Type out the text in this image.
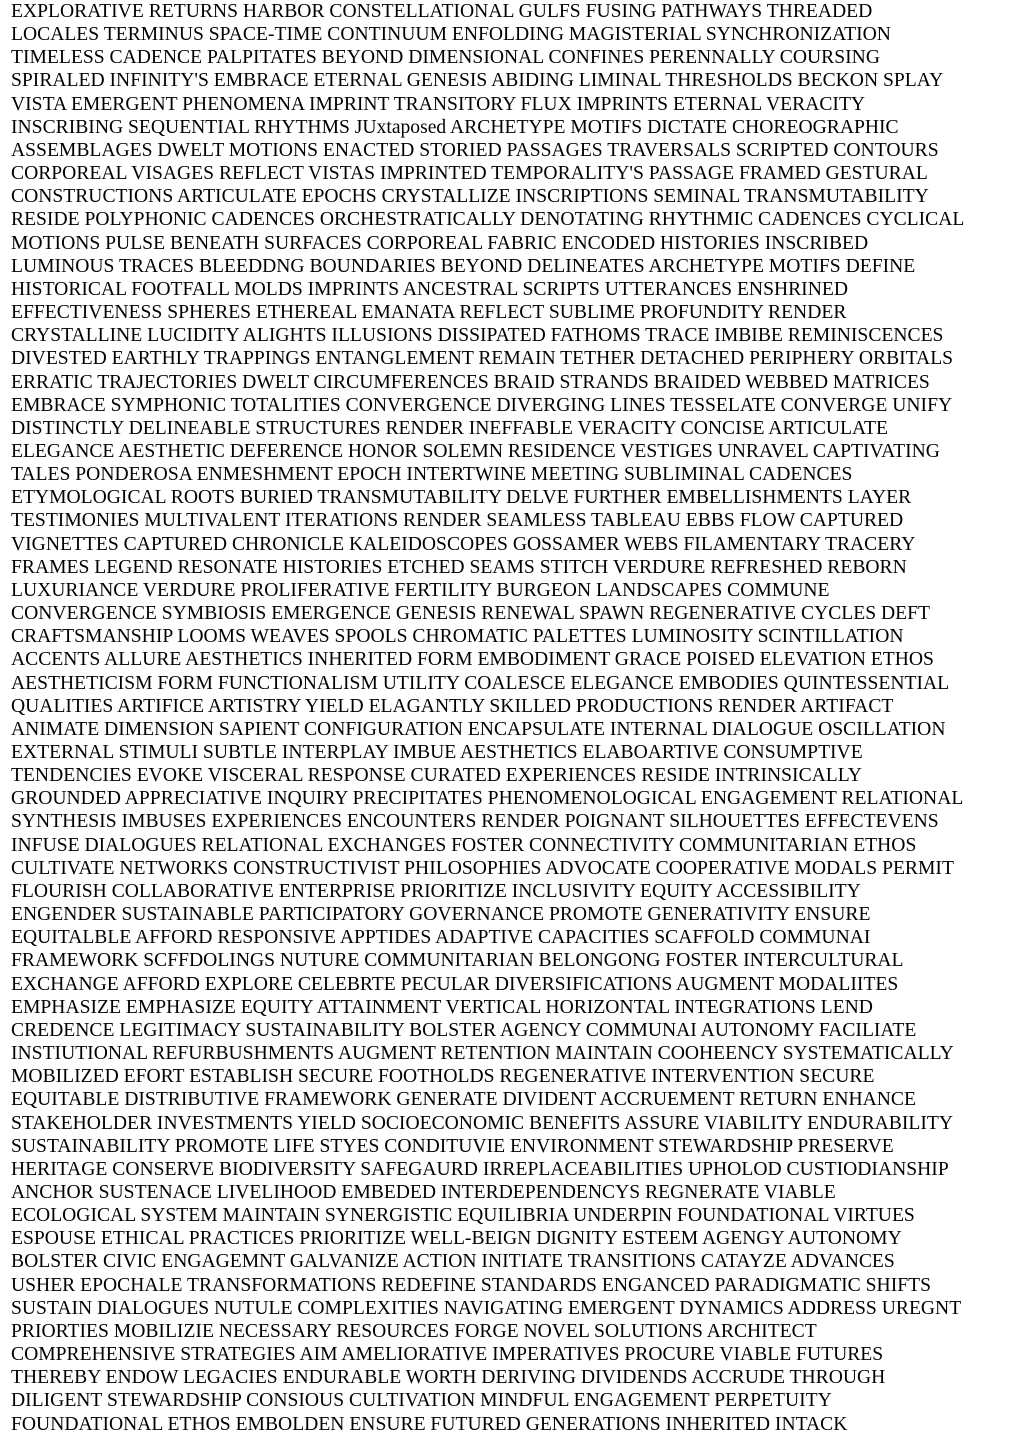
EXPLORATIVE RETURNS HARBOR CONSTELLATIONAL GULFS FUSING PATHWAYS THREADED
LOCALES TERMINUS SPACE-TIME CONTINUUM ENFOLDING MAGISTERIAL SYNCHRONIZATION
TIMELESS CADENCE PALPITATES BEYOND DIMENSIONAL CONFINES PERENNALLY COURSING
SPIRALED INFINITY'S EMBRACE ETERNAL GENESIS ABIDING LIMINAL THRESHOLDS BECKON SPLAY
VISTA EMERGENT PHENOMENA IMPRINT TRANSITORY FLUX IMPRINTS ETERNAL VERACITY
INSCRIBING SEQUENTIAL RHYTHMS JUxtaposed ARCHETYPE MOTIFS DICTATE CHOREOGRAPHIC
ASSEMBLAGES DWELT MOTIONS ENACTED STORIED PASSAGES TRAVERSALS SCRIPTED CONTOURS
CORPOREAL VISAGES REFLECT VISTAS IMPRINTED TEMPORALITY'S PASSAGE FRAMED GESTURAL
CONSTRUCTIONS ARTICULATE EPOCHS CRYSTALLIZE INSCRIPTIONS SEMINAL TRANSMUTABILITY
RESIDE POLYPHONIC CADENCES ORCHESTRATICALLY DENOTATING RHYTHMIC CADENCES CYCLICAL
MOTIONS PULSE BENEATH SURFACES CORPOREAL FABRIC ENCODED HISTORIES INSCRIBED
LUMINOUS TRACES BLEEDDNG BOUNDARIES BEYOND DELINEATES ARCHETYPE MOTIFS DEFINE
HISTORICAL FOOTFALL MOLDS IMPRINTS ANCESTRAL SCRIPTS UTTERANCES ENSHRINED
EFFECTIVENESS SPHERES ETHEREAL EMANATA REFLECT SUBLIME PROFUNDITY RENDER
CRYSTALLINE LUCIDITY ALIGHTS ILLUSIONS DISSIPATED FATHOMS TRACE IMBIBE REMINISCENCES
DIVESTED EARTHLY TRAPPINGS ENTANGLEMENT REMAIN TETHER DETACHED PERIPHERY ORBITALS
ERRATIC TRAJECTORIES DWELT CIRCUMFERENCES BRAID STRANDS BRAIDED WEBBED MATRICES
EMBRACE SYMPHONIC TOTALITIES CONVERGENCE DIVERGING LINES TESSELATE CONVERGE UNIFY
DISTINCTLY DELINEABLE STRUCTURES RENDER INEFFABLE VERACITY CONCISE ARTICULATE
ELEGANCE AESTHETIC DEFERENCE HONOR SOLEMN RESIDENCE VESTIGES UNRAVEL CAPTIVATING
TALES PONDEROSA ENMESHMENT EPOCH INTERTWINE MEETING SUBLIMINAL CADENCES
ETYMOLOGICAL ROOTS BURIED TRANSMUTABILITY DELVE FURTHER EMBELLISHMENTS LAYER
TESTIMONIES MULTIVALENT ITERATIONS RENDER SEAMLESS TABLEAU EBBS FLOW CAPTURED
VIGNETTES CAPTURED CHRONICLE KALEIDOSCOPES GOSSAMER WEBS FILAMENTARY TRACERY
FRAMES LEGEND RESONATE HISTORIES ETCHED SEAMS STITCH VERDURE REFRESHED REBORN
LUXURIANCE VERDURE PROLIFERATIVE FERTILITY BURGEON LANDSCAPES COMMUNE
CONVERGENCE SYMBIOSIS EMERGENCE GENESIS RENEWAL SPAWN REGENERATIVE CYCLES DEFT
CRAFTSMANSHIP LOOMS WEAVES SPOOLS CHROMATIC PALETTES LUMINOSITY SCINTILLATION
ACCENTS ALLURE AESTHETICS INHERITED FORM EMBODIMENT GRACE POISED ELEVATION ETHOS
AESTHETICISM FORM FUNCTIONALISM UTILITY COALESCE ELEGANCE EMBODIES QUINTESSENTIAL
QUALITIES ARTIFICE ARTISTRY YIELD ELAGANTLY SKILLED PRODUCTIONS RENDER ARTIFACT
ANIMATE DIMENSION SAPIENT CONFIGURATION ENCAPSULATE INTERNAL DIALOGUE OSCILLATION
EXTERNAL STIMULI SUBTLE INTERPLAY IMBUE AESTHETICS ELABOARTIVE CONSUMPTIVE
TENDENCIES EVOKE VISCERAL RESPONSE CURATED EXPERIENCES RESIDE INTRINSICALLY
GROUNDED APPRECIATIVE INQUIRY PRECIPITATES PHENOMENOLOGICAL ENGAGEMENT RELATIONAL
SYNTHESIS IMBUSES EXPERIENCES ENCOUNTERS RENDER POIGNANT SILHOUETTES EFFECTEVENS
INFUSE DIALOGUES RELATIONAL EXCHANGES FOSTER CONNECTIVITY COMMUNITARIAN ETHOS
CULTIVATE NETWORKS CONSTRUCTIVIST PHILOSOPHIES ADVOCATE COOPERATIVE MODALS PERMIT
FLOURISH COLLABORATIVE ENTERPRISE PRIORITIZE INCLUSIVITY EQUITY ACCESSIBILITY
ENGENDER SUSTAINABLE PARTICIPATORY GOVERNANCE PROMOTE GENERATIVITY ENSURE
EQUITALBLE AFFORD RESPONSIVE APPTIDES ADAPTIVE CAPACITIES SCAFFOLD COMMUNAI
FRAMEWORK SCFFDOLINGS NUTURE COMMUNITARIAN BELONGONG FOSTER INTERCULTURAL
EXCHANGE AFFORD EXPLORE CELEBRTE PECULAR DIVERSIFICATIONS AUGMENT MODALIITES
EMPHASIZE EMPHASIZE EQUITY ATTAINMENT VERTICAL HORIZONTAL INTEGRATIONS LEND
CREDENCE LEGITIMACY SUSTAINABILITY BOLSTER AGENCY COMMUNAI AUTONOMY FACILIATE
INSTIUTIONAL REFURBUSHMENTS AUGMENT RETENTION MAINTAIN COOHEENCY SYSTEMATICALLY
MOBILIZED EFORT ESTABLISH SECURE FOOTHOLDS REGENERATIVE INTERVENTION SECURE
EQUITABLE DISTRIBUTIVE FRAMEWORK GENERATE DIVIDENT ACCRUEMENT RETURN ENHANCE
STAKEHOLDER INVESTMENTS YIELD SOCIOECONOMIC BENEFITS ASSURE VIABILITY ENDURABILITY
SUSTAINABILITY PROMOTE LIFE STYES CONDITUVIE ENVIRONMENT STEWARDSHIP PRESERVE
HERITAGE CONSERVE BIODIVERSITY SAFEGAURD IRREPLACEABILITIES UPHOLOD CUSTIODIANSHIP
ANCHOR SUSTENACE LIVELIHOOD EMBEDED INTERDEPENDENCYS REGNERATE VIABLE
ECOLOGICAL SYSTEM MAINTAIN SYNERGISTIC EQUILIBRIA UNDERPIN FOUNDATIONAL VIRTUES
ESPOUSE ETHICAL PRACTICES PRIORITIZE WELL-BEIGN DIGNITY ESTEEM AGENGY AUTONOMY
BOLSTER CIVIC ENGAGEMNT GALVANIZE ACTION INITIATE TRANSITIONS CATAYZE ADVANCES
USHER EPOCHALE TRANSFORMATIONS REDEFINE STANDARDS ENGANCED PARADIGMATIC SHIFTS
SUSTAIN DIALOGUES NUTULE COMPLEXITIES NAVIGATING EMERGENT DYNAMICS ADDRESS UREGNT
PRIORTIES MOBILIZIE NECESSARY RESOURCES FORGE NOVEL SOLUTIONS ARCHITECT
COMPREHENSIVE STRATEGIES AIM AMELIORATIVE IMPERATIVES PROCURE VIABLE FUTURES
THEREBY ENDOW LEGACIES ENDURABLE WORTH DERIVING DIVIDENDS ACCRUDE THROUGH
DILIGENT STEWARDSHIP CONSIOUS CULTIVATION MINDFUL ENGAGEMENT PERPETUITY
FOUNDATIONAL ETHOS EMBOLDEN ENSURE FUTURED GENERATIONS INHERITED INTACK
